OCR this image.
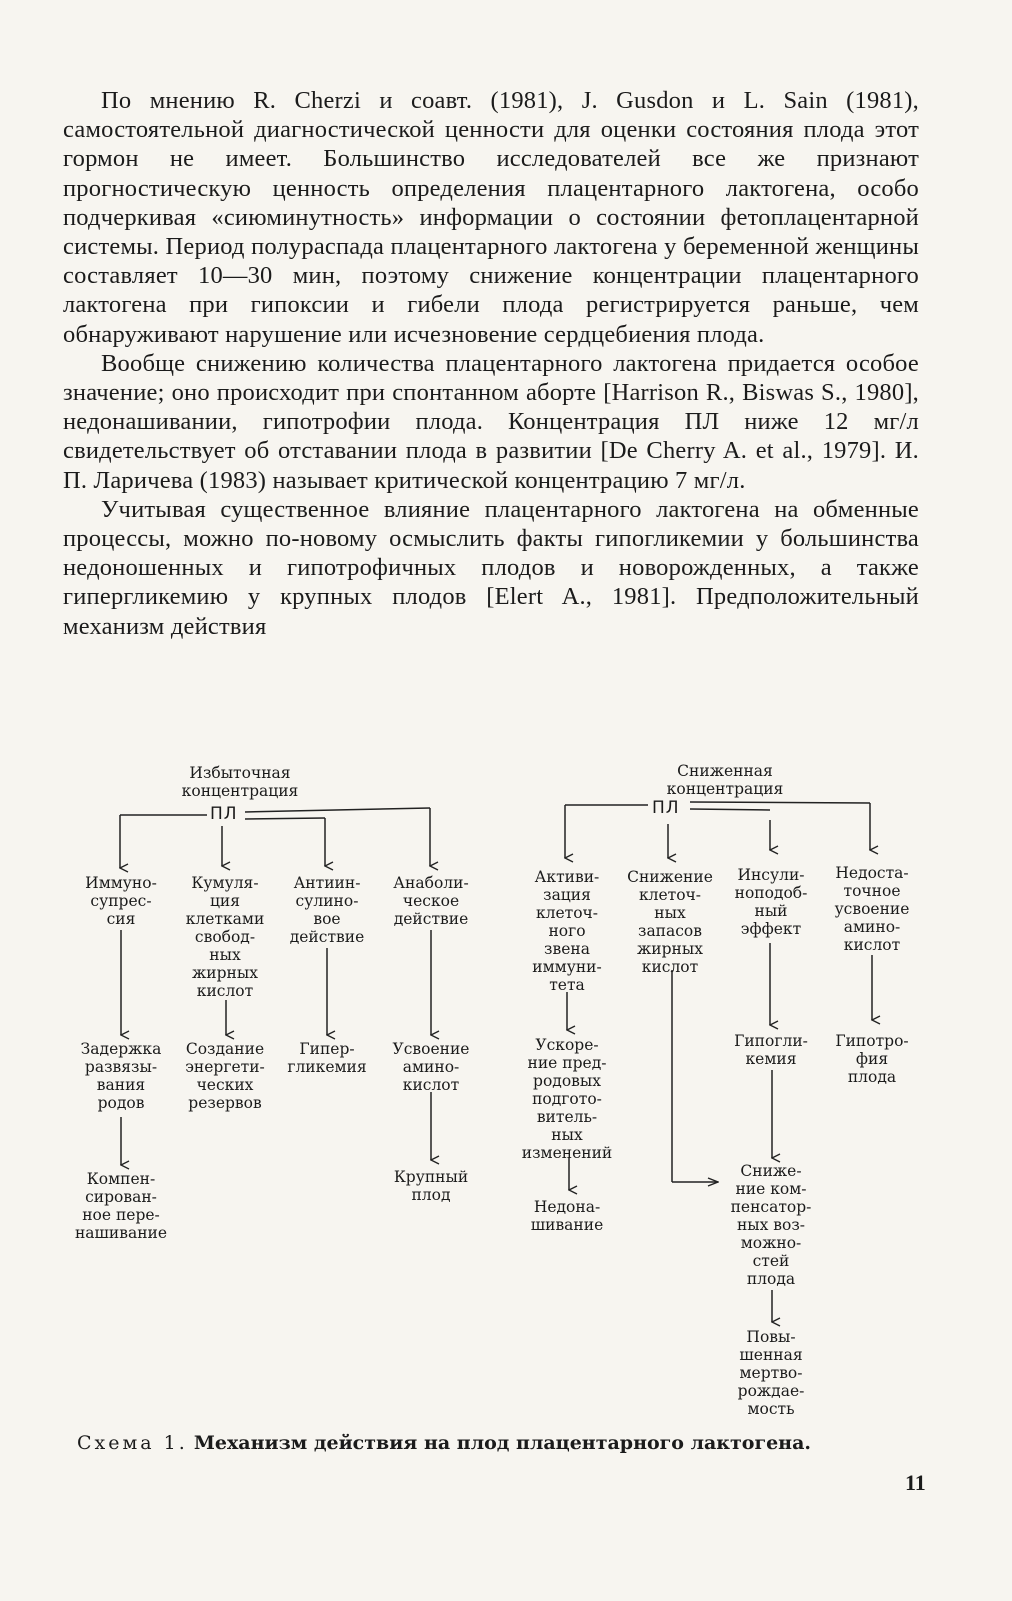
По мнению R. Cherzi и соавт. (1981), J. Gusdon и L. Sain (1981), самостоятельной диагностической ценности для оценки состояния плода этот гормон не имеет. Большинство исследователей все же признают прогностическую ценность определения плацентарного лактогена, особо подчеркивая «сиюминутность» информации о состоянии фетоплацентарной системы. Период полураспада плацентарного лактогена у беременной женщины составляет 10—30 мин, поэтому снижение концентрации плацентарного лактогена при гипоксии и гибели плода регистрируется раньше, чем обнаруживают нарушение или исчезновение сердцебиения плода.

Вообще снижению количества плацентарного лактогена придается особое значение; оно происходит при спонтанном аборте [Harrison R., Biswas S., 1980], недонашивании, гипотрофии плода. Концентрация ПЛ ниже 12 мг/л свидетельствует об отставании плода в развитии [De Cherry A. et al., 1979]. И. П. Ларичева (1983) называет критической концентрацию 7 мг/л.

Учитывая существенное влияние плацентарного лактогена на обменные процессы, можно по-новому осмыслить факты гипогликемии у большинства недоношенных и гипотрофичных плодов и новорожденных, а также гипергликемию у крупных плодов [Elert A., 1981]. Предположительный механизм действия

Избыточная
концентрация
ПЛ
Иммуно-
супрес-
сия
Задержка
развязы-
вания
родов
Компен-
сирован-
ное пере-
нашивание
Кумуля-
ция
клетками
свобод-
ных
жирных
кислот
Создание
энергети-
ческих
резервов
Антиин-
сулино-
вое
действие
Гипер-
гликемия
Анаболи-
ческое
действие
Усвоение
амино-
кислот
Крупный
плод
Сниженная
концентрация
ПЛ
Активи-
зация
клеточ-
ного
звена
иммуни-
тета
Ускоре-
ние пред-
родовых
подгото-
витель-
ных
изменений
Недона-
шивание
Снижение
клеточ-
ных
запасов
жирных
кислот
Инсули-
ноподоб-
ный
эффект
Гипогли-
кемия
Сниже-
ние ком-
пенсатор-
ных воз-
можно-
стей
плода
Повы-
шенная
мертво-
рождае-
мость
Недоста-
точное
усвоение
амино-
кислот
Гипотро-
фия
плода
Схема 1. Механизм действия на плод плацентарного лактогена.
11
